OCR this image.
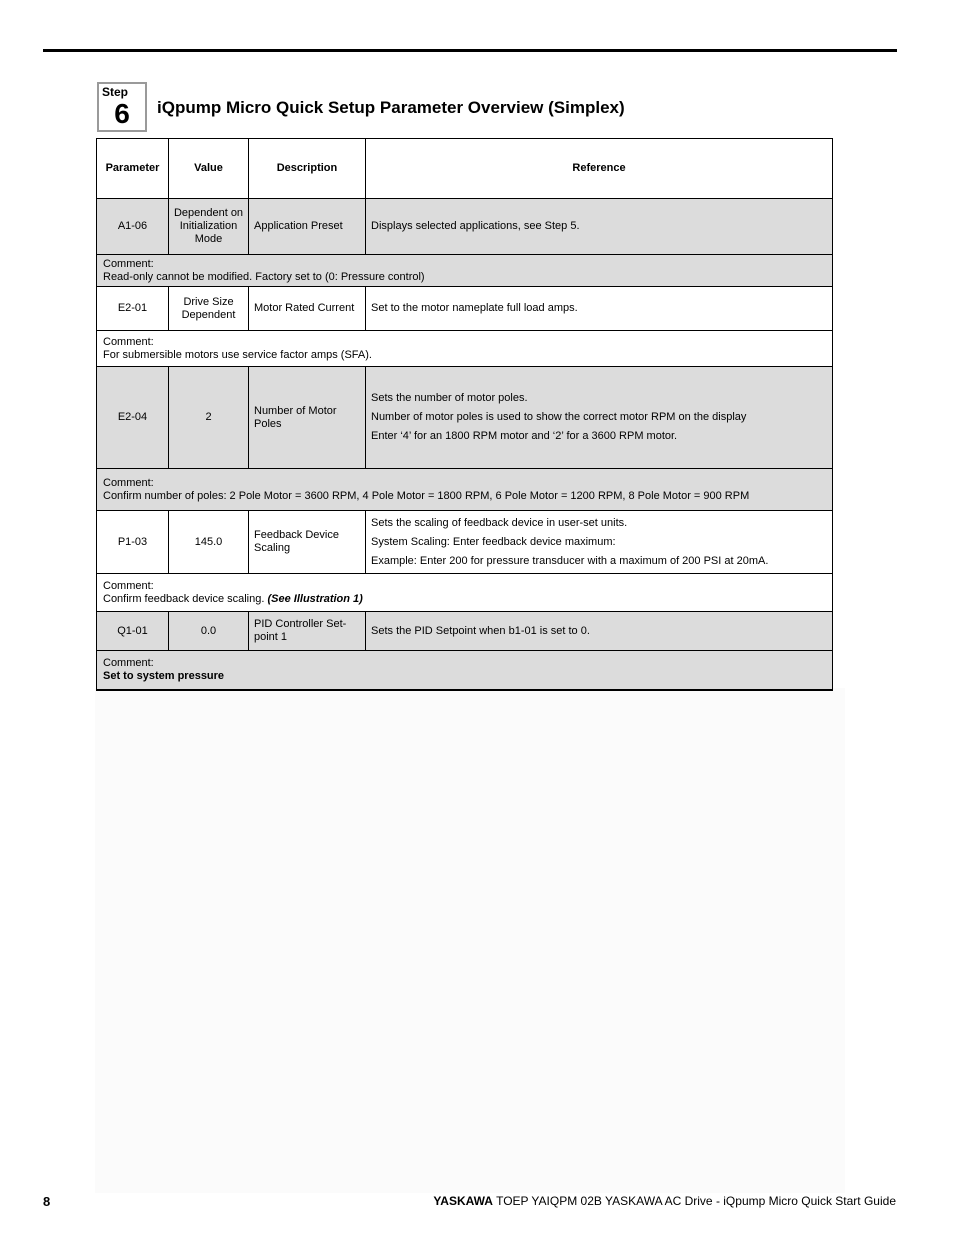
Step
6	iQpump Micro Quick Setup Parameter Overview (Simplex)
Parameter	Value	Description	Reference
A1-06	Dependent on Initialization Mode	Application Preset	Displays selected applications, see Step 5.

Comment:
Read-only cannot be modified. Factory set to (0: Pressure control)			

E2-01	Drive Size Dependent	Motor Rated Current	Set to the motor nameplate full load amps.

Comment:
For submersible motors use service factor amps (SFA).			

E2-04	2	Number of Motor Poles	Sets the number of motor poles.
Number of motor poles is used to show the correct motor RPM on the display
Enter ‘4’ for an 1800 RPM motor and ‘2’ for a 3600 RPM motor.

Comment:
Confirm number of poles: 2 Pole Motor = 3600 RPM, 4 Pole Motor = 1800 RPM, 6 Pole Motor = 1200 RPM, 8 Pole Motor = 900 RPM			

P1-03	145.0	Feedback Device Scaling	Sets the scaling of feedback device in user-set units.
System Scaling: Enter feedback device maximum:
Example: Enter 200 for pressure transducer with a maximum of 200 PSI at 20mA.

Comment:
Confirm feedback device scaling. (See Illustration 1)			

Q1-01	0.0	PID Controller Set-point 1	Sets the PID Setpoint when b1-01 is set to 0.

Comment:
Set to system pressure			
8	YASKAWA TOEP YAIQPM 02B YASKAWA AC Drive - iQpump Micro Quick Start Guide
